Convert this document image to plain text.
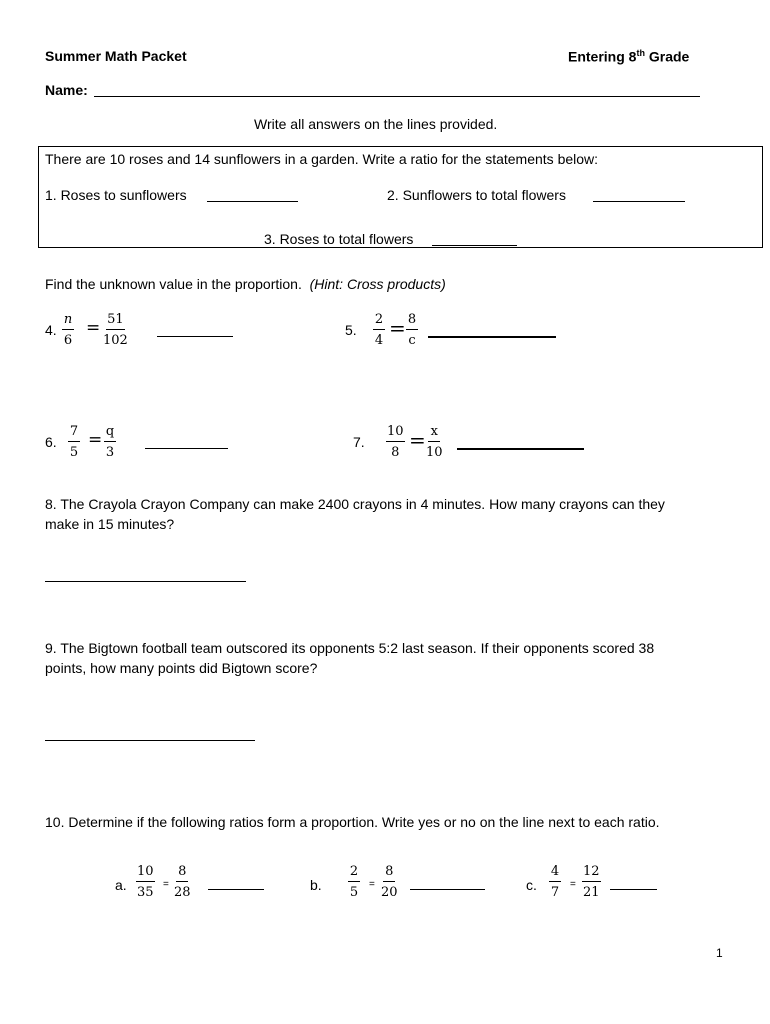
Summer Math Packet	Entering 8th Grade
Name:
Write all answers on the lines provided.
There are 10 roses and 14 sunflowers in a garden. Write a ratio for the statements below:
1. Roses to sunflowers	2. Sunflowers to total flowers
3. Roses to total flowers
Find the unknown value in the proportion. (Hint: Cross products)
4. $\frac{n}{6} = \frac{51}{102}$	5. $\frac{2}{4} = \frac{8}{c}$
6. $\frac{7}{5} = \frac{q}{3}$	7. $\frac{10}{8} = \frac{x}{10}$
8. The Crayola Crayon Company can make 2400 crayons in 4 minutes. How many crayons can they
make in 15 minutes?
9. The Bigtown football team outscored its opponents 5:2 last season. If their opponents scored 38
points, how many points did Bigtown score?
10. Determine if the following ratios form a proportion. Write yes or no on the line next to each ratio.
a. $\frac{10}{35} = \frac{8}{28}$	b. $\frac{2}{5} = \frac{8}{20}$	c. $\frac{4}{7} = \frac{12}{21}$
1
